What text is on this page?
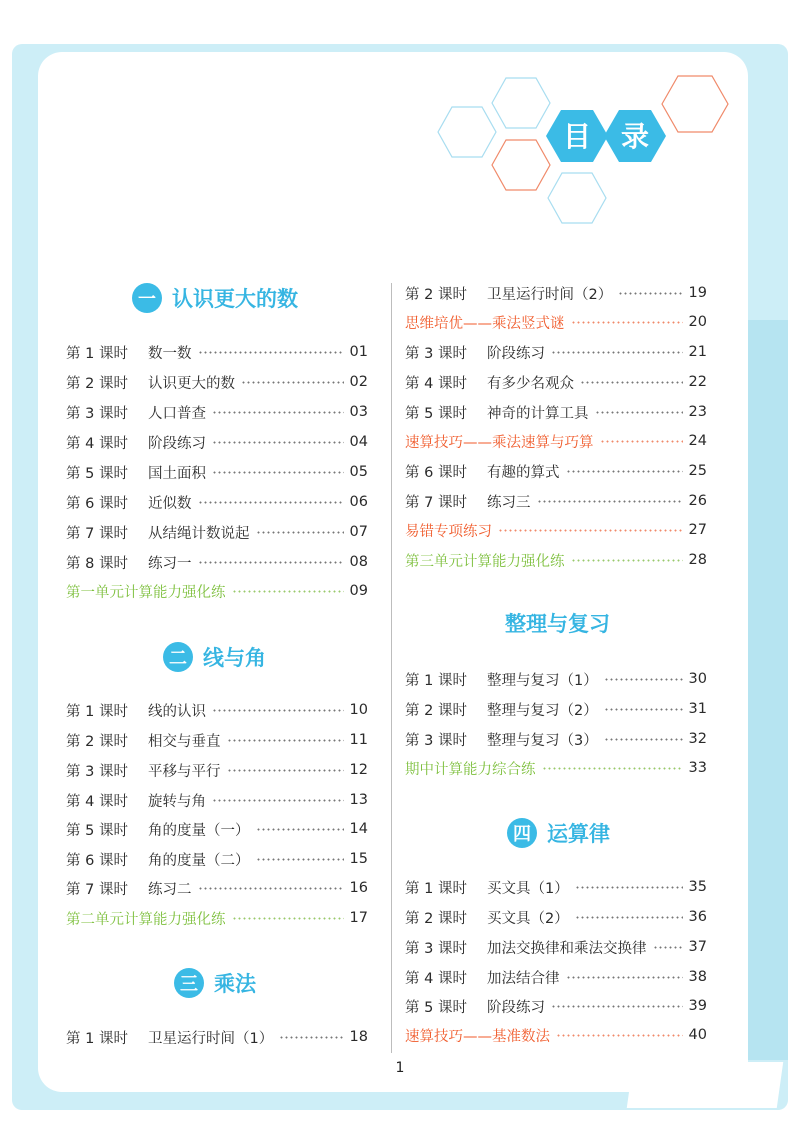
目 录
一 认识更大的数
二 线与角
三 乘法
整理与复习
四 运算律
第 1 课时	数一数	01
第 2 课时	认识更大的数	02
第 3 课时	人口普查	03
第 4 课时	阶段练习	04
第 5 课时	国土面积	05
第 6 课时	近似数	06
第 7 课时	从结绳计数说起	07
第 8 课时	练习一	08
第一单元计算能力强化练	09
第 1 课时	线的认识	10
第 2 课时	相交与垂直	11
第 3 课时	平移与平行	12
第 4 课时	旋转与角	13
第 5 课时	角的度量（一）	14
第 6 课时	角的度量（二）	15
第 7 课时	练习二	16
第二单元计算能力强化练	17
第 1 课时	卫星运行时间（1）	18
第 2 课时	卫星运行时间（2）	19
思维培优——乘法竖式谜	20
第 3 课时	阶段练习	21
第 4 课时	有多少名观众	22
第 5 课时	神奇的计算工具	23
速算技巧——乘法速算与巧算	24
第 6 课时	有趣的算式	25
第 7 课时	练习三	26
易错专项练习	27
第三单元计算能力强化练	28
第 1 课时	整理与复习（1）	30
第 2 课时	整理与复习（2）	31
第 3 课时	整理与复习（3）	32
期中计算能力综合练	33
第 1 课时	买文具（1）	35
第 2 课时	买文具（2）	36
第 3 课时	加法交换律和乘法交换律	37
第 4 课时	加法结合律	38
第 5 课时	阶段练习	39
速算技巧——基准数法	40
1
